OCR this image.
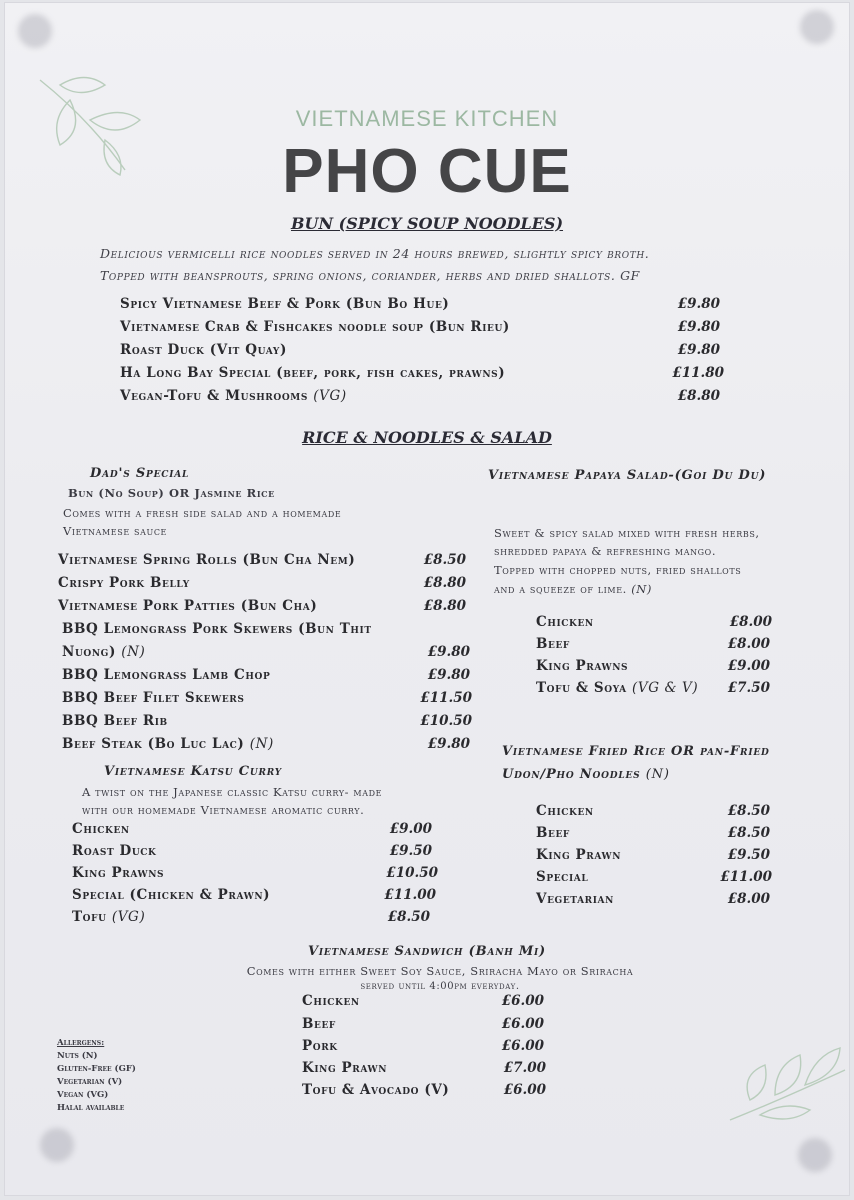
VIETNAMESE KITCHEN
PHO CUE
BUN (SPICY SOUP NOODLES)
Delicious vermicelli rice noodles served in 24 hours brewed, slightly spicy broth.
Topped with beansprouts, spring onions, coriander, herbs and dried shallots. GF
Spicy Vietnamese Beef & Pork (Bun Bo Hue)	£9.80
Vietnamese Crab & Fishcakes noodle soup (Bun Rieu)	£9.80
Roast Duck (Vit Quay)	£9.80
Ha Long Bay Special (beef, pork, fish cakes, prawns)	£11.80
Vegan-Tofu & Mushrooms (VG)	£8.80
RICE & NOODLES & SALAD
Dad's Special
Bun (No Soup) OR Jasmine Rice
Comes with a fresh side salad and a homemade
Vietnamese sauce
Vietnamese Spring Rolls (Bun Cha Nem)	£8.50
Crispy Pork Belly	£8.80
Vietnamese Pork Patties (Bun Cha)	£8.80
BBQ Lemongrass Pork Skewers (Bun Thit
Nuong) (N)	£9.80
BBQ Lemongrass Lamb Chop	£9.80
BBQ Beef Filet Skewers	£11.50
BBQ Beef Rib	£10.50
Beef Steak (Bo Luc Lac) (N)	£9.80
Vietnamese Katsu Curry
A twist on the Japanese classic Katsu curry- made
with our homemade Vietnamese aromatic curry.
Chicken	£9.00
Roast Duck	£9.50
King Prawns	£10.50
Special (Chicken & Prawn)	£11.00
Tofu (VG)	£8.50
Vietnamese Papaya Salad-(Goi Du Du)
Sweet & spicy salad mixed with fresh herbs,
shredded papaya & refreshing mango.
Topped with chopped nuts, fried shallots
and a squeeze of lime. (N)
Chicken	£8.00
Beef	£8.00
King Prawns	£9.00
Tofu & Soya (VG & V) £7.50
Vietnamese Fried Rice OR pan-Fried
Udon/Pho Noodles (N)
Chicken	£8.50
Beef	£8.50
King Prawn	£9.50
Special	£11.00
Vegetarian	£8.00
Vietnamese Sandwich (Banh Mi)
Comes with either Sweet Soy Sauce, Sriracha Mayo or Sriracha
served until 4:00pm everyday.
Chicken	£6.00
Beef	£6.00
Pork	£6.00
King Prawn	£7.00
Tofu & Avocado (V)	£6.00
Allergens:
Nuts (N)
Gluten-Free (GF)
Vegetarian (V)
Vegan (VG)
Halal available
